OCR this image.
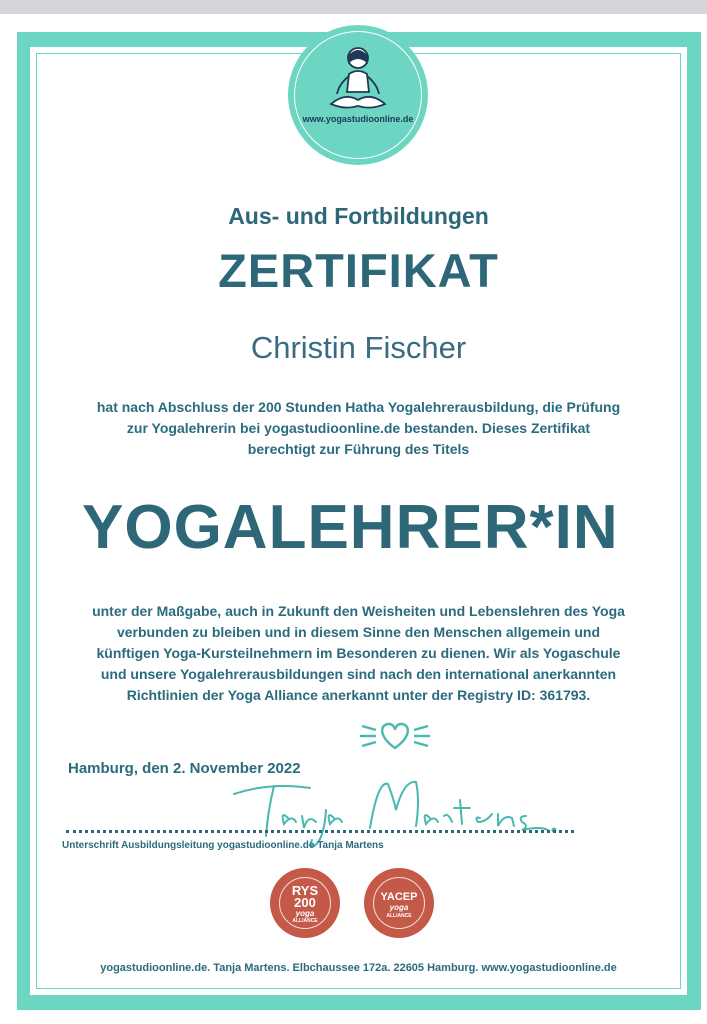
www.yogastudioonline.de
Aus- und Fortbildungen
ZERTIFIKAT
Christin Fischer
hat nach Abschluss der 200 Stunden Hatha Yogalehrerausbildung, die Prüfung
zur Yogalehrerin bei yogastudioonline.de bestanden. Dieses Zertifikat
berechtigt zur Führung des Titels
YOGALEHRER*IN
unter der Maßgabe, auch in Zukunft den Weisheiten und Lebenslehren des Yoga
verbunden zu bleiben und in diesem Sinne den Menschen allgemein und
künftigen Yoga-Kursteilnehmern im Besonderen zu dienen. Wir als Yogaschule
und unsere Yogalehrerausbildungen sind nach den international anerkannten
Richtlinien der Yoga Alliance anerkannt unter der Registry ID: 361793.
Hamburg, den 2. November 2022
Unterschrift Ausbildungsleitung yogastudioonline.de Tanja Martens
RYS
200
yoga
ALLIANCE
YACEP
yoga
ALLIANCE
yogastudioonline.de. Tanja Martens. Elbchaussee 172a. 22605 Hamburg. www.yogastudioonline.de
